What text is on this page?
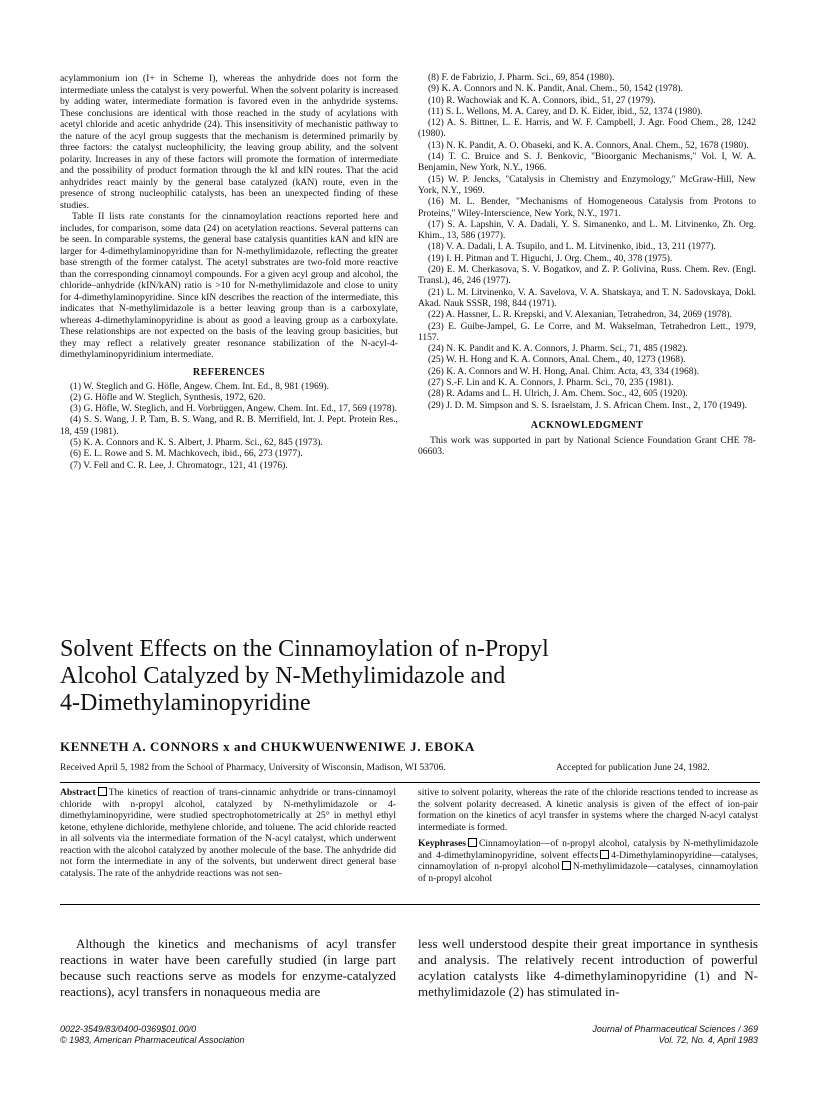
acylammonium ion (I+ in Scheme I), whereas the anhydride does not form the intermediate unless the catalyst is very powerful. When the solvent polarity is increased by adding water, intermediate formation is favored even in the anhydride systems. These conclusions are identical with those reached in the study of acylations with acetyl chloride and acetic anhydride (24). This insensitivity of mechanistic pathway to the nature of the acyl group suggests that the mechanism is determined primarily by three factors: the catalyst nucleophilicity, the leaving group ability, and the solvent polarity. Increases in any of these factors will promote the formation of intermediate and the possibility of product formation through the kI and kIN routes. That the acid anhydrides react mainly by the general base catalyzed (kAN) route, even in the presence of strong nucleophilic catalysts, has been an unexpected finding of these studies.

Table II lists rate constants for the cinnamoylation reactions reported here and includes, for comparison, some data (24) on acetylation reactions. Several patterns can be seen. In comparable systems, the general base catalysis quantities kAN and kIN are larger for 4-dimethylaminopyridine than for N-methylimidazole, reflecting the greater base strength of the former catalyst. The acetyl substrates are two-fold more reactive than the corresponding cinnamoyl compounds. For a given acyl group and alcohol, the chloride–anhydride (kIN/kAN) ratio is >10 for N-methylimidazole and close to unity for 4-dimethylaminopyridine. Since kIN describes the reaction of the intermediate, this indicates that N-methylimidazole is a better leaving group than is a carboxylate, whereas 4-dimethylaminopyridine is about as good a leaving group as a carboxylate. These relationships are not expected on the basis of the leaving group basicities, but they may reflect a relatively greater resonance stabilization of the N-acyl-4-dimethylaminopyridinium intermediate.

REFERENCES

(1) W. Steglich and G. Höfle, Angew. Chem. Int. Ed., 8, 981 (1969).

(2) G. Höfle and W. Steglich, Synthesis, 1972, 620.

(3) G. Höfle, W. Steglich, and H. Vorbrüggen, Angew. Chem. Int. Ed., 17, 569 (1978).

(4) S. S. Wang, J. P. Tam, B. S. Wang, and R. B. Merrifield, Int. J. Pept. Protein Res., 18, 459 (1981).

(5) K. A. Connors and K. S. Albert, J. Pharm. Sci., 62, 845 (1973).

(6) E. L. Rowe and S. M. Machkovech, ibid., 66, 273 (1977).

(7) V. Fell and C. R. Lee, J. Chromatogr., 121, 41 (1976).

(8) F. de Fabrizio, J. Pharm. Sci., 69, 854 (1980).

(9) K. A. Connors and N. K. Pandit, Anal. Chem., 50, 1542 (1978).

(10) R. Wachowiak and K. A. Connors, ibid., 51, 27 (1979).

(11) S. L. Wellons, M. A. Carey, and D. K. Eider, ibid., 52, 1374 (1980).

(12) A. S. Bittner, L. E. Harris, and W. F. Campbell, J. Agr. Food Chem., 28, 1242 (1980).

(13) N. K. Pandit, A. O. Obaseki, and K. A. Connors, Anal. Chem., 52, 1678 (1980).

(14) T. C. Bruice and S. J. Benkovic, "Bioorganic Mechanisms," Vol. I, W. A. Benjamin, New York, N.Y., 1966.

(15) W. P. Jencks, "Catalysis in Chemistry and Enzymology," McGraw-Hill, New York, N.Y., 1969.

(16) M. L. Bender, "Mechanisms of Homogeneous Catalysis from Protons to Proteins," Wiley-Interscience, New York, N.Y., 1971.

(17) S. A. Lapshin, V. A. Dadali, Y. S. Simanenko, and L. M. Litvinenko, Zh. Org. Khim., 13, 586 (1977).

(18) V. A. Dadali, I. A. Tsupilo, and L. M. Litvinenko, ibid., 13, 211 (1977).

(19) I. H. Pitman and T. Higuchi, J. Org. Chem., 40, 378 (1975).

(20) E. M. Cherkasova, S. V. Bogatkov, and Z. P. Golivina, Russ. Chem. Rev. (Engl. Transl.), 46, 246 (1977).

(21) L. M. Litvinenko, V. A. Savelova, V. A. Shatskaya, and T. N. Sadovskaya, Dokl. Akad. Nauk SSSR, 198, 844 (1971).

(22) A. Hassner, L. R. Krepski, and V. Alexanian, Tetrahedron, 34, 2069 (1978).

(23) E. Guibe-Jampel, G. Le Corre, and M. Wakselman, Tetrahedron Lett., 1979, 1157.

(24) N. K. Pandit and K. A. Connors, J. Pharm. Sci., 71, 485 (1982).

(25) W. H. Hong and K. A. Connors, Anal. Chem., 40, 1273 (1968).

(26) K. A. Connors and W. H. Hong, Anal. Chim. Acta, 43, 334 (1968).

(27) S.-F. Lin and K. A. Connors, J. Pharm. Sci., 70, 235 (1981).

(28) R. Adams and L. H. Ulrich, J. Am. Chem. Soc., 42, 605 (1920).

(29) J. D. M. Simpson and S. S. Israelstam, J. S. African Chem. Inst., 2, 170 (1949).

ACKNOWLEDGMENT

This work was supported in part by National Science Foundation Grant CHE 78-06603.

Solvent Effects on the Cinnamoylation of n-Propyl

Alcohol Catalyzed by N-Methylimidazole and

4-Dimethylaminopyridine

KENNETH A. CONNORS x and CHUKWUENWENIWE J. EBOKA
Received April 5, 1982 from the School of Pharmacy, University of Wisconsin, Madison, WI 53706.	Accepted for publication June 24, 1982.
Abstract The kinetics of reaction of trans-cinnamic anhydride or trans-cinnamoyl chloride with n-propyl alcohol, catalyzed by N-methylimidazole or 4-dimethylaminopyridine, were studied spectrophotometrically at 25° in methyl ethyl ketone, ethylene dichloride, methylene chloride, and toluene. The acid chloride reacted in all solvents via the intermediate formation of the N-acyl catalyst, which underwent reaction with the alcohol catalyzed by another molecule of the base. The anhydride did not form the intermediate in any of the solvents, but underwent direct general base catalysis. The rate of the anhydride reactions was not sen-
sitive to solvent polarity, whereas the rate of the chloride reactions tended to increase as the solvent polarity decreased. A kinetic analysis is given of the effect of ion-pair formation on the kinetics of acyl transfer in systems where the charged N-acyl catalyst intermediate is formed.
Keyphrases Cinnamoylation—of n-propyl alcohol, catalysis by N-methylimidazole and 4-dimethylaminopyridine, solvent effects 4-Dimethylaminopyridine—catalyses, cinnamoylation of n-propyl alcohol N-methylimidazole—catalyses, cinnamoylation of n-propyl alcohol

Although the kinetics and mechanisms of acyl transfer reactions in water have been carefully studied (in large part because such reactions serve as models for enzyme-catalyzed reactions), acyl transfers in nonaqueous media are

less well understood despite their great importance in synthesis and analysis. The relatively recent introduction of powerful acylation catalysts like 4-dimethylaminopyridine (1) and N-methylimidazole (2) has stimulated in-

0022-3549/83/0400-0369$01.00/0
© 1983, American Pharmaceutical Association
Journal of Pharmaceutical Sciences / 369
Vol. 72, No. 4, April 1983
